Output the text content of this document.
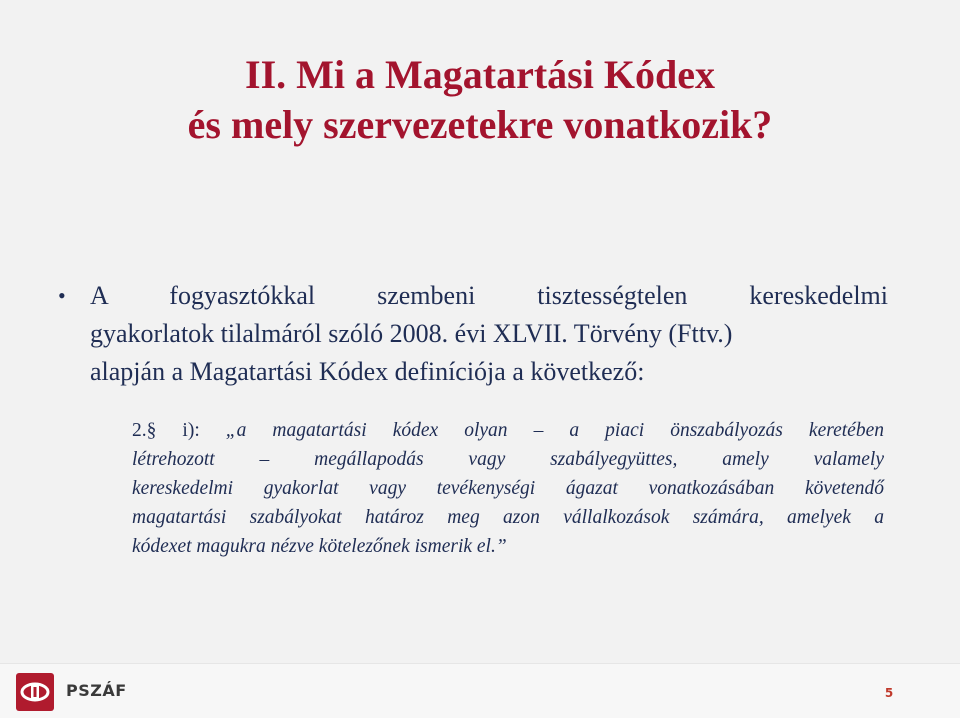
II. Mi a Magatartási Kódex
és mely szervezetekre vonatkozik?
• A fogyasztókkal szembeni tisztességtelen kereskedelmi
gyakorlatok tilalmáról szóló 2008. évi XLVII. Törvény (Fttv.)
alapján a Magatartási Kódex definíciója a következő:
2.§ i): „a magatartási kódex olyan – a piaci önszabályozás keretében
létrehozott – megállapodás vagy szabályegyüttes, amely valamely
kereskedelmi gyakorlat vagy tevékenységi ágazat vonatkozásában követendő
magatartási szabályokat határoz meg azon vállalkozások számára, amelyek a
kódexet magukra nézve kötelezőnek ismerik el.”
PSZÁF	5
